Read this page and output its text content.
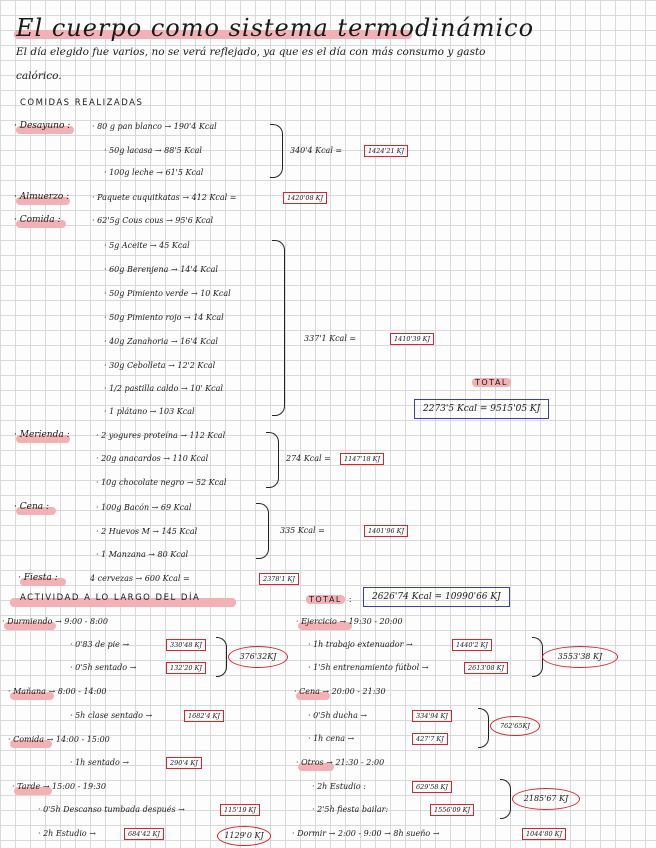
El cuerpo como sistema termodinámico
El día elegido fue varios, no se verá reflejado, ya que es el día con más consumo y gasto
calórico.
COMIDAS REALIZADAS
· Desayuno :	· 80 g pan blanco → 190'4 Kcal
· 50g lacasa → 88'5 Kcal
· 100g leche → 61'5 Kcal
340'4 Kcal =	1424'21 KJ
· Almuerzo :	· Paquete cuquitkatas → 412 Kcal =	1420'08 KJ
· Comida :	· 62'5g Cous cous → 95'6 Kcal
· 5g Aceite → 45 Kcal
· 60g Berenjena → 14'4 Kcal
· 50g Pimiento verde → 10 Kcal
· 50g Pimiento rojo → 14 Kcal
· 40g Zanahoria → 16'4 Kcal
· 30g Cebolleta → 12'2 Kcal
· 1/2 pastilla caldo → 10' Kcal
· 1 plátano → 103 Kcal
337'1 Kcal =	1410'39 KJ
TOTAL
2273'5 Kcal = 9515'05 KJ
· Merienda :	· 2 yogures proteína → 112 Kcal
· 20g anacardos → 110 Kcal
· 10g chocolate negro → 52 Kcal
274 Kcal =	1147'18 KJ
· Cena :	· 100g Bacón → 69 Kcal
· 2 Huevos M → 145 Kcal
· 1 Manzana → 80 Kcal
335 Kcal =	1401'96 KJ
· Fiesta :	4 cervezas → 600 Kcal =	2378'1 KJ
ACTIVIDAD A LO LARGO DEL DÍA	TOTAL :	2626'74 Kcal = 10990'66 KJ
· Durmiendo → 9:00 - 8:00
· 0'83 de pie →	330'48 KJ
· 0'5h sentado →	132'20 KJ
376'32KJ
· Mañana → 8:00 - 14:00
· 5h clase sentado →	1682'4 KJ
· Comida → 14:00 - 15:00
· 1h sentado →	290'4 KJ
· Tarde → 15:00 - 19:30
· 0'5h Descanso tumbada después →	115'19 KJ
· 2h Estudio →	684'42 KJ	1129'0 KJ
· Ejercicio → 19:30 - 20:00
· 1h trabajo extenuador →	1440'2 KJ
· 1'5h entrenamiento fútbol →	2613'08 KJ
3553'38 KJ
· Cena → 20:00 - 21:30
· 0'5h ducha →	334'94 KJ
· 1h cena →	427'7 KJ
762'65KJ
· Otros → 21:30 - 2:00
· 2h Estudio :	629'58 KJ
· 2'5h fiesta bailar:	1556'09 KJ
2185'67 KJ
· Dormir → 2:00 - 9:00 → 8h sueño →	1044'80 KJ
